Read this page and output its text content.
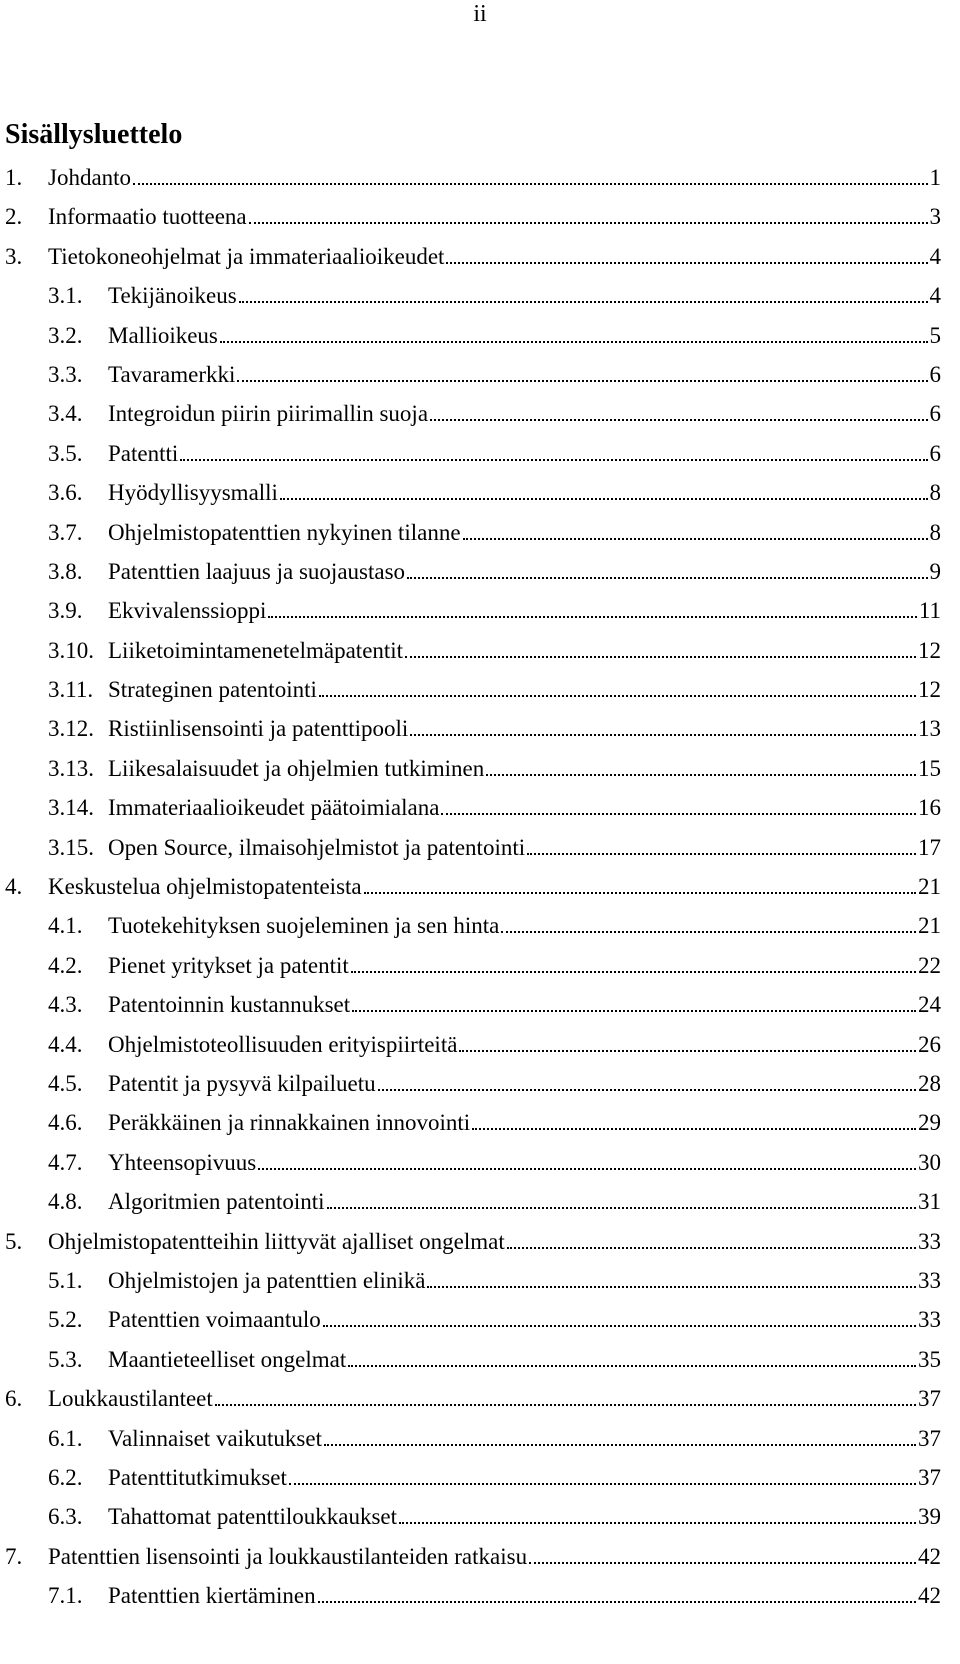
ii
Sisällysluettelo
1. Johdanto	1
2. Informaatio tuotteena	3
3. Tietokoneohjelmat ja immateriaalioikeudet	4
3.1. Tekijänoikeus	4
3.2. Mallioikeus	5
3.3. Tavaramerkki	6
3.4. Integroidun piirin piirimallin suoja	6
3.5. Patentti	6
3.6. Hyödyllisyysmalli	8
3.7. Ohjelmistopatenttien nykyinen tilanne	8
3.8. Patenttien laajuus ja suojaustaso	9
3.9. Ekvivalenssioppi	11
3.10. Liiketoimintamenetelmäpatentit	12
3.11. Strateginen patentointi	12
3.12. Ristiinlisensointi ja patenttipooli	13
3.13. Liikesalaisuudet ja ohjelmien tutkiminen	15
3.14. Immateriaalioikeudet päätoimialana	16
3.15. Open Source, ilmaisohjelmistot ja patentointi	17
4. Keskustelua ohjelmistopatenteista	21
4.1. Tuotekehityksen suojeleminen ja sen hinta	21
4.2. Pienet yritykset ja patentit	22
4.3. Patentoinnin kustannukset	24
4.4. Ohjelmistoteollisuuden erityispiirteitä	26
4.5. Patentit ja pysyvä kilpailuetu	28
4.6. Peräkkäinen ja rinnakkainen innovointi	29
4.7. Yhteensopivuus	30
4.8. Algoritmien patentointi	31
5. Ohjelmistopatentteihin liittyvät ajalliset ongelmat	33
5.1. Ohjelmistojen ja patenttien elinikä	33
5.2. Patenttien voimaantulo	33
5.3. Maantieteelliset ongelmat	35
6. Loukkaustilanteet	37
6.1. Valinnaiset vaikutukset	37
6.2. Patenttitutkimukset	37
6.3. Tahattomat patenttiloukkaukset	39
7. Patenttien lisensointi ja loukkaustilanteiden ratkaisu	42
7.1. Patenttien kiertäminen	42
